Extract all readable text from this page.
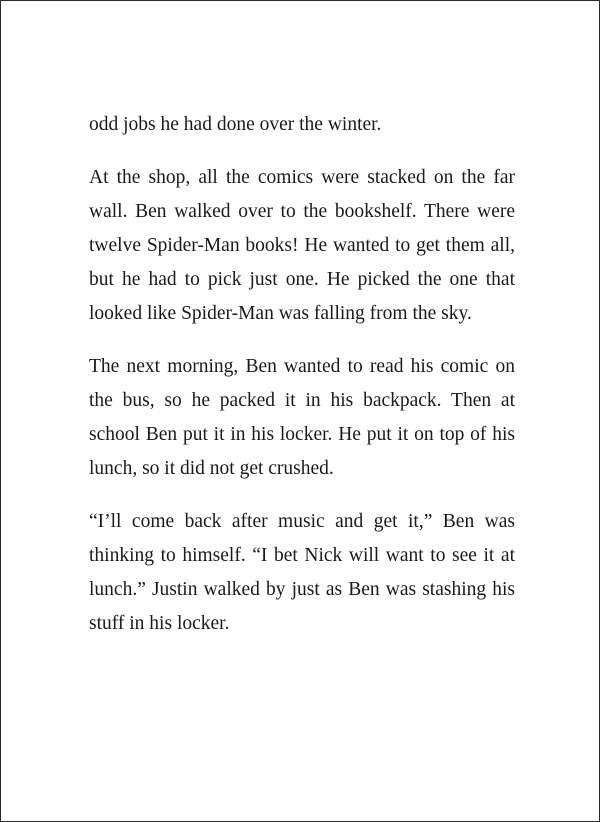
odd jobs he had done over the winter.

At the shop, all the comics were stacked on the far wall. Ben walked over to the bookshelf. There were twelve Spider-Man books! He wanted to get them all, but he had to pick just one. He picked the one that looked like Spider-Man was falling from the sky.

The next morning, Ben wanted to read his comic on the bus, so he packed it in his backpack. Then at school Ben put it in his locker. He put it on top of his lunch, so it did not get crushed.

“I’ll come back after music and get it,” Ben was thinking to himself. “I bet Nick will want to see it at lunch.” Justin walked by just as Ben was stashing his stuff in his locker.
